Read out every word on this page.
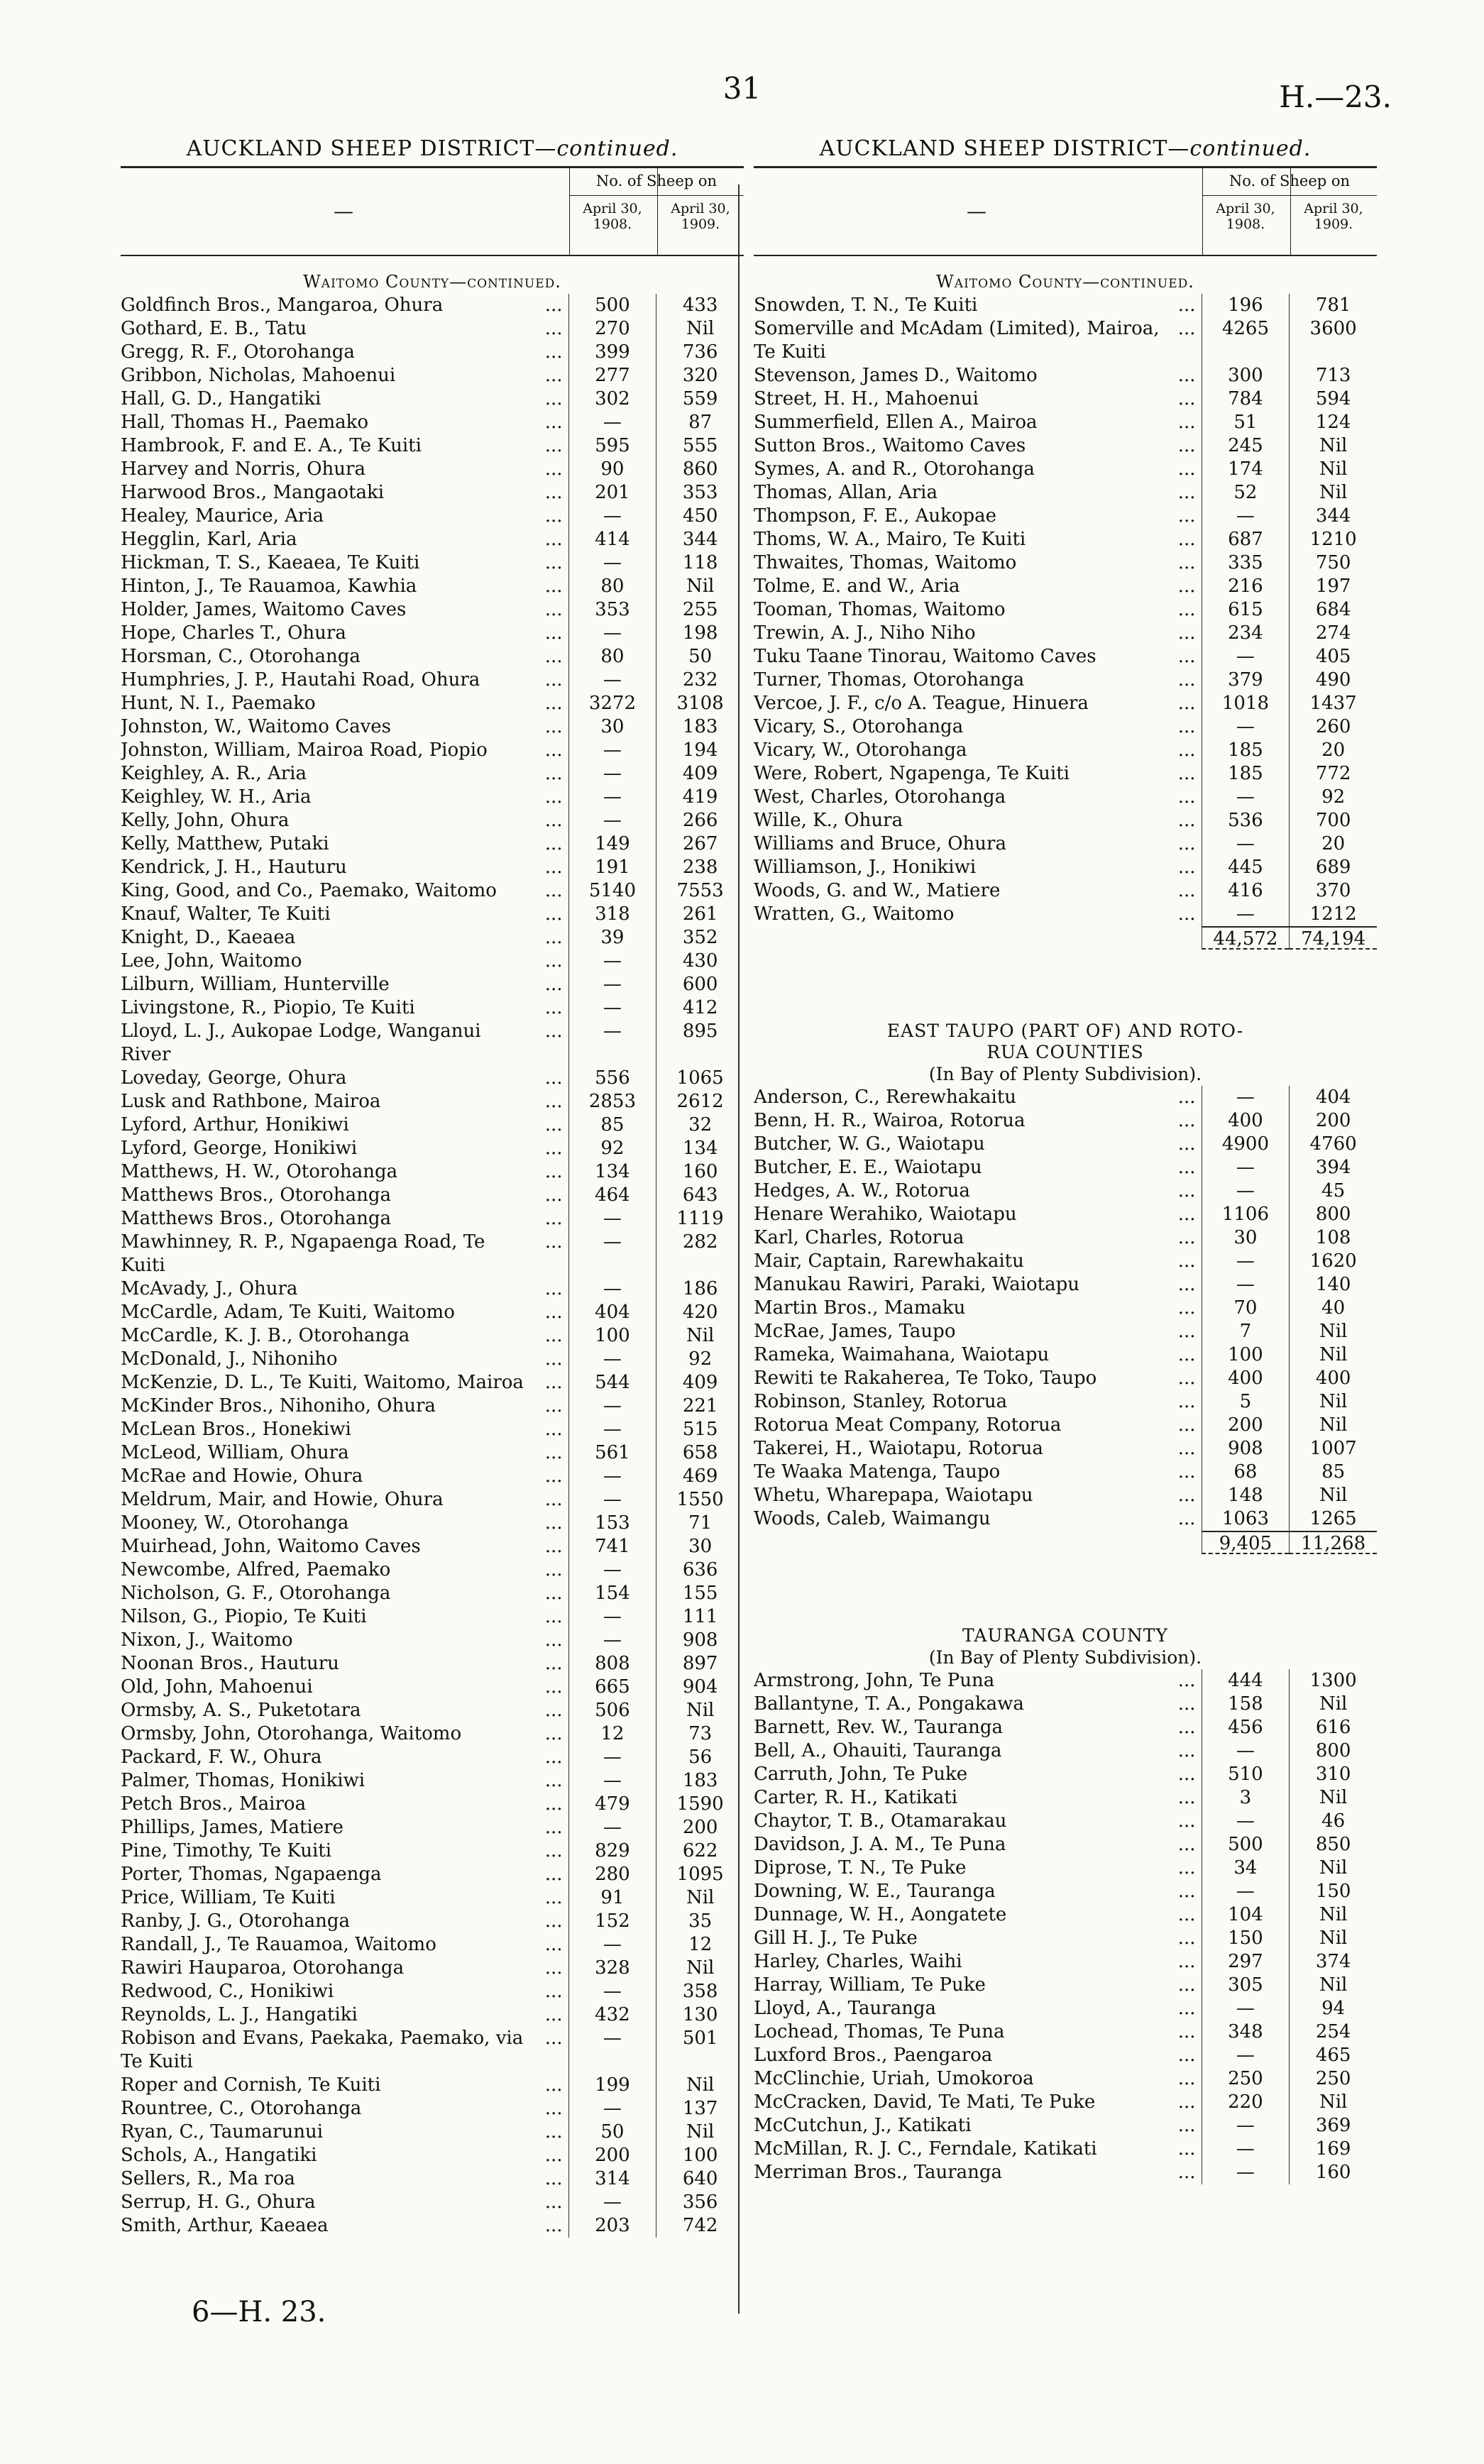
31	H.—23.
AUCKLAND SHEEP DISTRICT—continued.
—
No. of Sheep on
April 30, 1908.
April 30, 1909.
Waitomo County—continued.
Goldfinch Bros., Mangaroa, Ohura ...	500	433
Gothard, E. B., Tatu ...	270	Nil
Gregg, R. F., Otorohanga ...	399	736
Gribbon, Nicholas, Mahoenui ...	277	320
Hall, G. D., Hangatiki ...	302	559
Hall, Thomas H., Paemako ...	—	87
Hambrook, F. and E. A., Te Kuiti ...	595	555
Harvey and Norris, Ohura ...	90	860
Harwood Bros., Mangaotaki ...	201	353
Healey, Maurice, Aria ...	—	450
Hegglin, Karl, Aria ...	414	344
Hickman, T. S., Kaeaea, Te Kuiti ...	—	118
Hinton, J., Te Rauamoa, Kawhia ...	80	Nil
Holder, James, Waitomo Caves ...	353	255
Hope, Charles T., Ohura ...	—	198
Horsman, C., Otorohanga ...	80	50
Humphries, J. P., Hautahi Road, Ohura ...	—	232
Hunt, N. I., Paemako ...	3272	3108
Johnston, W., Waitomo Caves ...	30	183
Johnston, William, Mairoa Road, Piopio ...	—	194
Keighley, A. R., Aria ...	—	409
Keighley, W. H., Aria ...	—	419
Kelly, John, Ohura ...	—	266
Kelly, Matthew, Putaki ...	149	267
Kendrick, J. H., Hauturu ...	191	238
King, Good, and Co., Paemako, Waitomo ...	5140	7553
Knauf, Walter, Te Kuiti ...	318	261
Knight, D., Kaeaea ...	39	352
Lee, John, Waitomo ...	—	430
Lilburn, William, Hunterville ...	—	600
Livingstone, R., Piopio, Te Kuiti ...	—	412
Lloyd, L. J., Aukopae Lodge, Wanganui ...	—	895
River
Loveday, George, Ohura ...	556	1065
Lusk and Rathbone, Mairoa ...	2853	2612
Lyford, Arthur, Honikiwi ...	85	32
Lyford, George, Honikiwi ...	92	134
Matthews, H. W., Otorohanga ...	134	160
Matthews Bros., Otorohanga ...	464	643
Matthews Bros., Otorohanga ...	—	1119
Mawhinney, R. P., Ngapaenga Road, Te ...	—	282
Kuiti
McAvady, J., Ohura ...	—	186
McCardle, Adam, Te Kuiti, Waitomo ...	404	420
McCardle, K. J. B., Otorohanga ...	100	Nil
McDonald, J., Nihoniho ...	—	92
McKenzie, D. L., Te Kuiti, Waitomo, Mairoa ...	544	409
McKinder Bros., Nihoniho, Ohura ...	—	221
McLean Bros., Honekiwi ...	—	515
McLeod, William, Ohura ...	561	658
McRae and Howie, Ohura ...	—	469
Meldrum, Mair, and Howie, Ohura ...	—	1550
Mooney, W., Otorohanga ...	153	71
Muirhead, John, Waitomo Caves ...	741	30
Newcombe, Alfred, Paemako ...	—	636
Nicholson, G. F., Otorohanga ...	154	155
Nilson, G., Piopio, Te Kuiti ...	—	111
Nixon, J., Waitomo ...	—	908
Noonan Bros., Hauturu ...	808	897
Old, John, Mahoenui ...	665	904
Ormsby, A. S., Puketotara ...	506	Nil
Ormsby, John, Otorohanga, Waitomo ...	12	73
Packard, F. W., Ohura ...	—	56
Palmer, Thomas, Honikiwi ...	—	183
Petch Bros., Mairoa ...	479	1590
Phillips, James, Matiere ...	—	200
Pine, Timothy, Te Kuiti ...	829	622
Porter, Thomas, Ngapaenga ...	280	1095
Price, William, Te Kuiti ...	91	Nil
Ranby, J. G., Otorohanga ...	152	35
Randall, J., Te Rauamoa, Waitomo ...	—	12
Rawiri Hauparoa, Otorohanga ...	328	Nil
Redwood, C., Honikiwi ...	—	358
Reynolds, L. J., Hangatiki ...	432	130
Robison and Evans, Paekaka, Paemako, via ...	—	501
Te Kuiti
Roper and Cornish, Te Kuiti ...	199	Nil
Rountree, C., Otorohanga ...	—	137
Ryan, C., Taumarunui ...	50	Nil
Schols, A., Hangatiki ...	200	100
Sellers, R., Ma roa ...	314	640
Serrup, H. G., Ohura ...	—	356
Smith, Arthur, Kaeaea ...	203	742
AUCKLAND SHEEP DISTRICT—continued.
—
No. of Sheep on
April 30, 1908.
April 30, 1909.
Waitomo County—continued.
Snowden, T. N., Te Kuiti ...	196	781
Somerville and McAdam (Limited), Mairoa, ...	4265	3600
Te Kuiti
Stevenson, James D., Waitomo ...	300	713
Street, H. H., Mahoenui ...	784	594
Summerfield, Ellen A., Mairoa ...	51	124
Sutton Bros., Waitomo Caves ...	245	Nil
Symes, A. and R., Otorohanga ...	174	Nil
Thomas, Allan, Aria ...	52	Nil
Thompson, F. E., Aukopae ...	—	344
Thoms, W. A., Mairo, Te Kuiti ...	687	1210
Thwaites, Thomas, Waitomo ...	335	750
Tolme, E. and W., Aria ...	216	197
Tooman, Thomas, Waitomo ...	615	684
Trewin, A. J., Niho Niho ...	234	274
Tuku Taane Tinorau, Waitomo Caves ...	—	405
Turner, Thomas, Otorohanga ...	379	490
Vercoe, J. F., c/o A. Teague, Hinuera ...	1018	1437
Vicary, S., Otorohanga ...	—	260
Vicary, W., Otorohanga ...	185	20
Were, Robert, Ngapenga, Te Kuiti ...	185	772
West, Charles, Otorohanga ...	—	92
Wille, K., Ohura ...	536	700
Williams and Bruce, Ohura ...	—	20
Williamson, J., Honikiwi ...	445	689
Woods, G. and W., Matiere ...	416	370
Wratten, G., Waitomo ...	—	1212
44,572	74,194
EAST TAUPO (PART OF) AND ROTO-
RUA COUNTIES
(In Bay of Plenty Subdivision).
Anderson, C., Rerewhakaitu ...	—	404
Benn, H. R., Wairoa, Rotorua ...	400	200
Butcher, W. G., Waiotapu ...	4900	4760
Butcher, E. E., Waiotapu ...	—	394
Hedges, A. W., Rotorua ...	—	45
Henare Werahiko, Waiotapu ...	1106	800
Karl, Charles, Rotorua ...	30	108
Mair, Captain, Rarewhakaitu ...	—	1620
Manukau Rawiri, Paraki, Waiotapu ...	—	140
Martin Bros., Mamaku ...	70	40
McRae, James, Taupo ...	7	Nil
Rameka, Waimahana, Waiotapu ...	100	Nil
Rewiti te Rakaherea, Te Toko, Taupo ...	400	400
Robinson, Stanley, Rotorua ...	5	Nil
Rotorua Meat Company, Rotorua ...	200	Nil
Takerei, H., Waiotapu, Rotorua ...	908	1007
Te Waaka Matenga, Taupo ...	68	85
Whetu, Wharepapa, Waiotapu ...	148	Nil
Woods, Caleb, Waimangu ...	1063	1265
9,405	11,268
TAURANGA COUNTY
(In Bay of Plenty Subdivision).
Armstrong, John, Te Puna ...	444	1300
Ballantyne, T. A., Pongakawa ...	158	Nil
Barnett, Rev. W., Tauranga ...	456	616
Bell, A., Ohauiti, Tauranga ...	—	800
Carruth, John, Te Puke ...	510	310
Carter, R. H., Katikati ...	3	Nil
Chaytor, T. B., Otamarakau ...	—	46
Davidson, J. A. M., Te Puna ...	500	850
Diprose, T. N., Te Puke ...	34	Nil
Downing, W. E., Tauranga ...	—	150
Dunnage, W. H., Aongatete ...	104	Nil
Gill H. J., Te Puke ...	150	Nil
Harley, Charles, Waihi ...	297	374
Harray, William, Te Puke ...	305	Nil
Lloyd, A., Tauranga ...	—	94
Lochead, Thomas, Te Puna ...	348	254
Luxford Bros., Paengaroa ...	—	465
McClinchie, Uriah, Umokoroa ...	250	250
McCracken, David, Te Mati, Te Puke ...	220	Nil
McCutchun, J., Katikati ...	—	369
McMillan, R. J. C., Ferndale, Katikati ...	—	169
Merriman Bros., Tauranga ...	—	160
6—H. 23.
